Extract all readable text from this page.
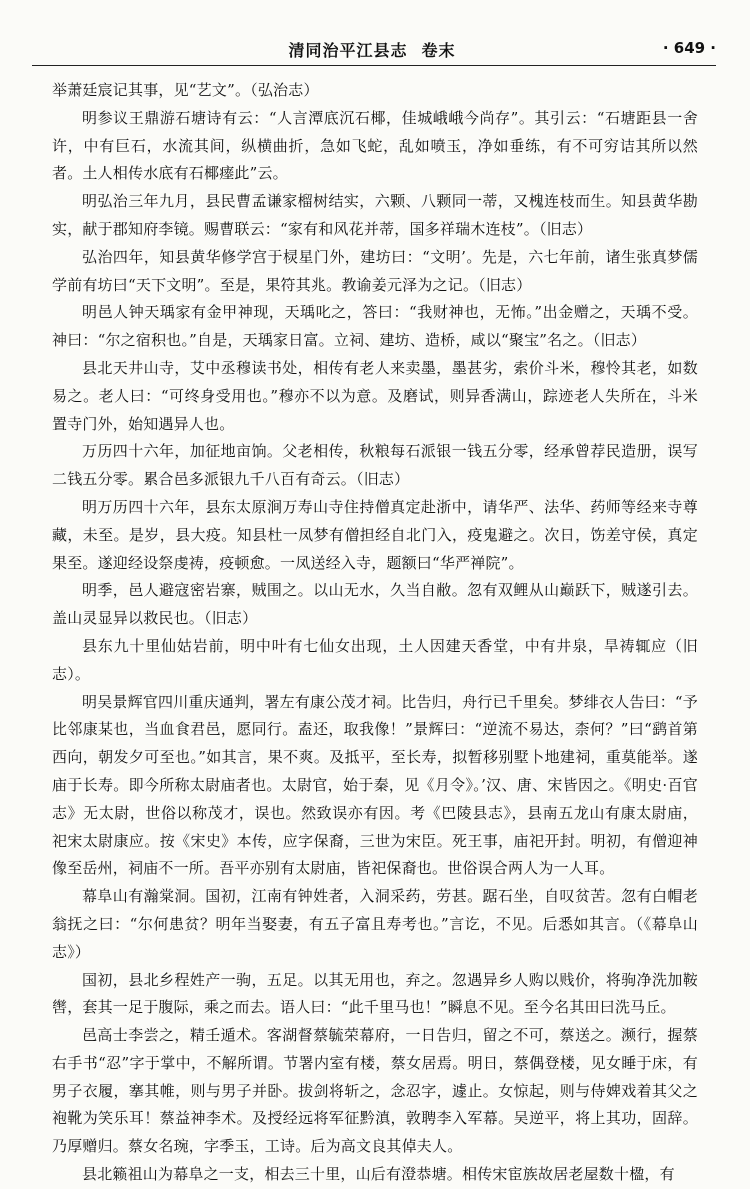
清同治平江县志 卷末	· 649 ·

举萧廷宸记其事，见“艺文”。（弘治志）

明参议王鼎游石塘诗有云：“人言潭底沉石椰，佳城峨峨今尚存”。其引云：“石塘距县一舍许，中有巨石，水流其间，纵横曲折，急如飞蛇，乱如喷玉，净如垂练，有不可穷诘其所以然者。土人相传水底有石椰瘗此”云。

明弘治三年九月，县民曹孟谦家榴树结实，六颗、八颗同一蒂，又槐连枝而生。知县黄华勘实，献于郡知府李镜。赐曹联云：“家有和风花并蒂，国多祥瑞木连枝”。（旧志）

弘治四年，知县黄华修学宫于棂星门外，建坊曰：“文明’。先是，六七年前，诸生张真梦儒学前有坊曰“天下文明”。至是，果符其兆。教谕姜元泽为之记。（旧志）

明邑人钟天瑀家有金甲神现，天瑀叱之，答曰：“我财神也，无怖。”出金赠之，天瑀不受。神曰：“尔之宿积也。”自是，天瑀家日富。立祠、建坊、造桥，咸以“聚宝”名之。（旧志）

县北天井山寺，艾中丞穆读书处，相传有老人来卖墨，墨甚劣，索价斗米，穆怜其老，如数易之。老人曰：“可终身受用也。”穆亦不以为意。及磨试，则异香满山，踪迹老人失所在，斗米置寺门外，始知遇异人也。

万历四十六年，加征地亩饷。父老相传，秋粮每石派银一钱五分零，经承曾荐民造册，误写二钱五分零。累合邑多派银九千八百有奇云。（旧志）

明万历四十六年，县东太原涧万寿山寺住持僧真定赴浙中，请华严、法华、药师等经来寺尊藏，未至。是岁，县大疫。知县杜一凤梦有僧担经自北门入，疫鬼避之。次日，饬差守侯，真定果至。遂迎经设祭虔祷，疫顿愈。一凤送经入寺，题额曰“华严禅院”。

明季，邑人避寇密岩寨，贼围之。以山无水，久当自敝。忽有双鲤从山巅跃下，贼遂引去。盖山灵显异以救民也。（旧志）

县东九十里仙姑岩前，明中叶有七仙女出现，土人因建天香堂，中有井泉，旱祷辄应（旧志）。

明吴景辉官四川重庆通判，署左有康公茂才祠。比告归，舟行已千里矣。梦绯衣人告曰：“予比邻康某也，当血食君邑，愿同行。盍还，取我像！”景辉曰：“逆流不易达，柰何？”曰“鹞首第西向，朝发夕可至也。”如其言，果不爽。及抵平，至长寿，拟暂移别墅卜地建祠，重莫能举。遂庙于长寿。即今所称太尉庙者也。太尉官，始于秦，见《月令》。’汉、唐、宋皆因之。《明史·百官志》无太尉，世俗以称茂才，误也。然致误亦有因。考《巴陵县志》，县南五龙山有康太尉庙，祀宋太尉康应。按《宋史》本传，应字保裔，三世为宋臣。死王事，庙祀开封。明初，有僧迎神像至岳州，祠庙不一所。吾平亦别有太尉庙，皆祀保裔也。世俗误合两人为一人耳。

幕阜山有瀚棠洞。国初，江南有钟姓者，入洞采药，劳甚。踞石坐，自叹贫苦。忽有白帽老翁抚之曰：“尔何患贫？明年当娶妻，有五子富且寿考也。”言讫，不见。后悉如其言。（《幕阜山志》）

国初，县北乡程姓产一驹，五足。以其无用也，弃之。忽遇异乡人购以贱价，将驹净洗加鞍辔，套其一足于腹际，乘之而去。语人曰：“此千里马也！”瞬息不见。至今名其田曰洗马丘。

邑高士李尝之，精壬遁术。客湖督蔡毓荣幕府，一日告归，留之不可，蔡送之。濒行，握蔡右手书“忍”字于掌中，不解所谓。节署内室有楼，蔡女居焉。明日，蔡偶登楼，见女睡于床，有男子衣履，搴其帷，则与男子并卧。拔剑将斩之，念忍字，遽止。女惊起，则与侍婢戏着其父之袍靴为笑乐耳！蔡益神李术。及授经远将军征黔滇，敦聘李入军幕。吴逆平，将上其功，固辞。乃厚赠归。蔡女名琬，字季玉，工诗。后为高文良其倬夫人。

县北籁祖山为幕阜之一支，相去三十里，山后有澄恭塘。相传宋宦族故居老屋数十楹，有
